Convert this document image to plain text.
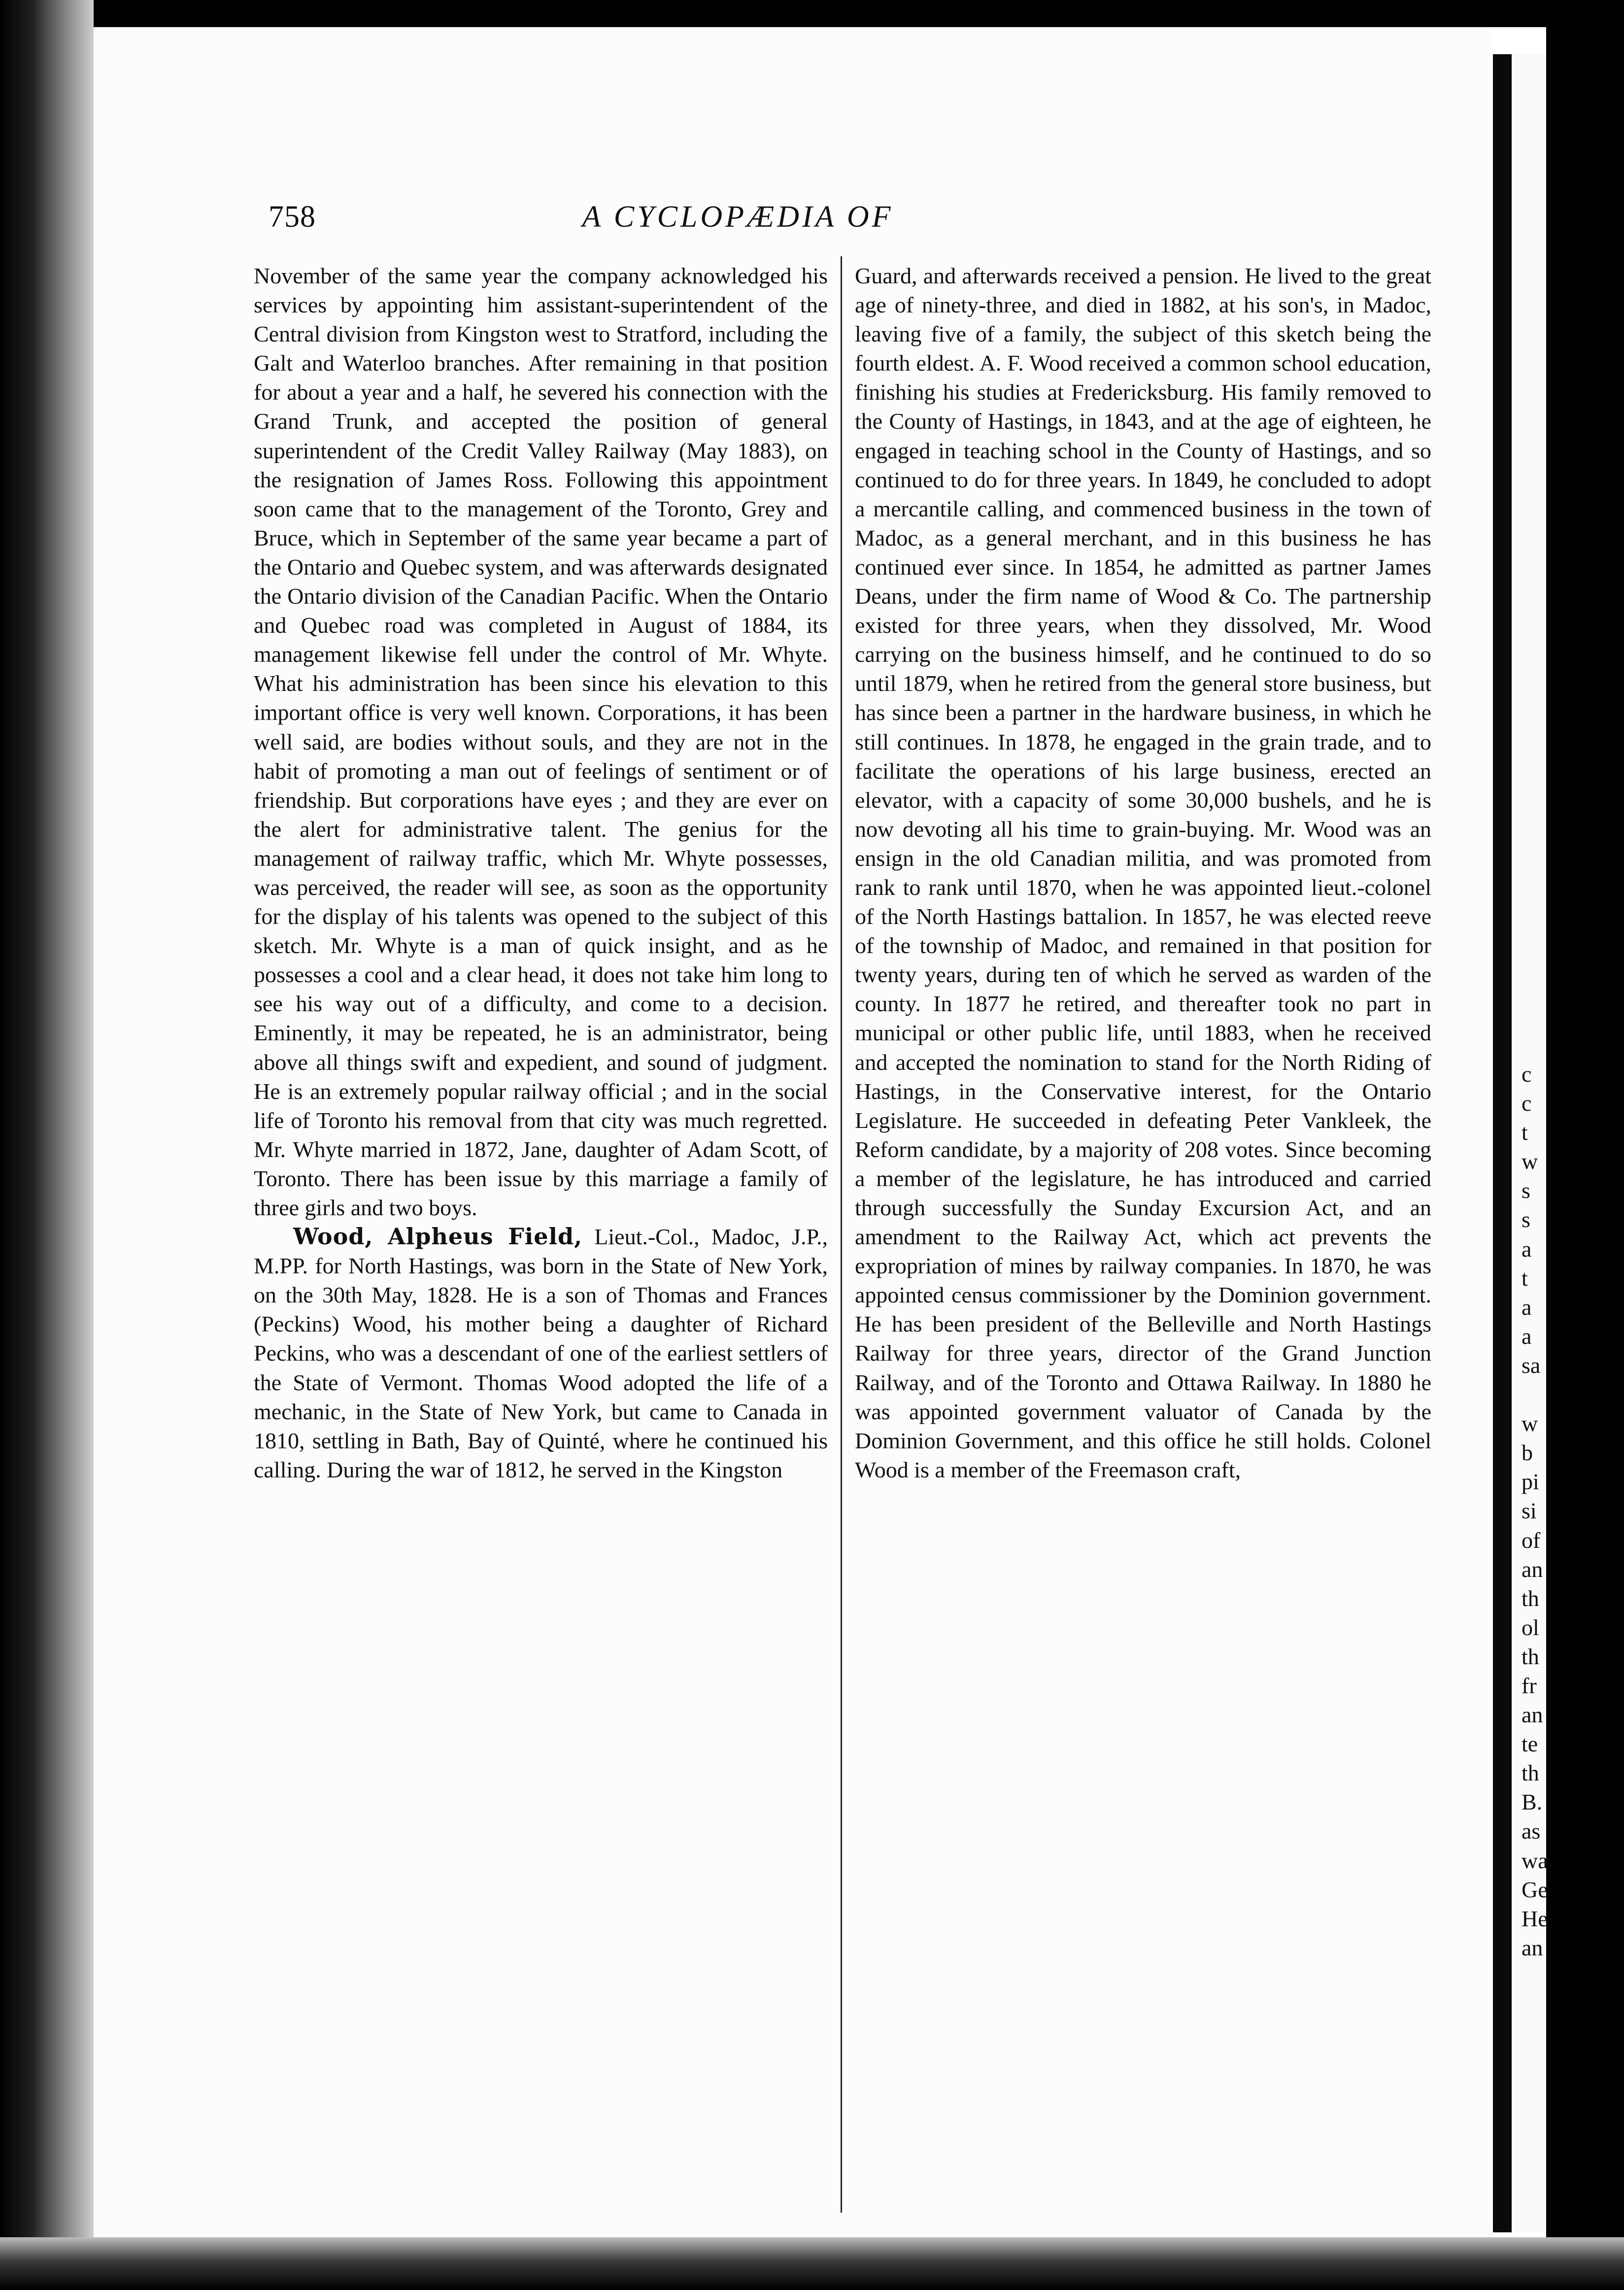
758	A CYCLOPÆDIA OF

November of the same year the company acknowledged his services by appointing him assistant-superintendent of the Central division from Kingston west to Stratford, including the Galt and Waterloo branches. After remaining in that position for about a year and a half, he severed his connection with the Grand Trunk, and accepted the position of general superintendent of the Credit Valley Railway (May 1883), on the resignation of James Ross. Following this appointment soon came that to the management of the Toronto, Grey and Bruce, which in September of the same year became a part of the Ontario and Quebec system, and was afterwards designated the Ontario division of the Canadian Pacific. When the Ontario and Quebec road was completed in August of 1884, its management likewise fell under the control of Mr. Whyte. What his administration has been since his elevation to this important office is very well known. Corporations, it has been well said, are bodies without souls, and they are not in the habit of promoting a man out of feelings of sentiment or of friendship. But corporations have eyes ; and they are ever on the alert for administrative talent. The genius for the management of railway traffic, which Mr. Whyte possesses, was perceived, the reader will see, as soon as the opportunity for the display of his talents was opened to the subject of this sketch. Mr. Whyte is a man of quick insight, and as he possesses a cool and a clear head, it does not take him long to see his way out of a difficulty, and come to a decision. Eminently, it may be repeated, he is an administrator, being above all things swift and expedient, and sound of judgment. He is an extremely popular railway official ; and in the social life of Toronto his removal from that city was much regretted. Mr. Whyte married in 1872, Jane, daughter of Adam Scott, of Toronto. There has been issue by this marriage a family of three girls and two boys.

Wood, Alpheus Field, Lieut.-Col., Madoc, J.P., M.PP. for North Hastings, was born in the State of New York, on the 30th May, 1828. He is a son of Thomas and Frances (Peckins) Wood, his mother being a daughter of Richard Peckins, who was a descendant of one of the earliest settlers of the State of Vermont. Thomas Wood adopted the life of a mechanic, in the State of New York, but came to Canada in 1810, settling in Bath, Bay of Quinté, where he continued his calling. During the war of 1812, he served in the Kingston

Guard, and afterwards received a pension. He lived to the great age of ninety-three, and died in 1882, at his son's, in Madoc, leaving five of a family, the subject of this sketch being the fourth eldest. A. F. Wood received a common school education, finishing his studies at Fredericksburg. His family removed to the County of Hastings, in 1843, and at the age of eighteen, he engaged in teaching school in the County of Hastings, and so continued to do for three years. In 1849, he concluded to adopt a mercantile calling, and commenced business in the town of Madoc, as a general merchant, and in this business he has continued ever since. In 1854, he admitted as partner James Deans, under the firm name of Wood & Co. The partnership existed for three years, when they dissolved, Mr. Wood carrying on the business himself, and he continued to do so until 1879, when he retired from the general store business, but has since been a partner in the hardware business, in which he still continues. In 1878, he engaged in the grain trade, and to facilitate the operations of his large business, erected an elevator, with a capacity of some 30,000 bushels, and he is now devoting all his time to grain-buying. Mr. Wood was an ensign in the old Canadian militia, and was promoted from rank to rank until 1870, when he was appointed lieut.-colonel of the North Hastings battalion. In 1857, he was elected reeve of the township of Madoc, and remained in that position for twenty years, during ten of which he served as warden of the county. In 1877 he retired, and thereafter took no part in municipal or other public life, until 1883, when he received and accepted the nomination to stand for the North Riding of Hastings, in the Conservative interest, for the Ontario Legislature. He succeeded in defeating Peter Vankleek, the Reform candidate, by a majority of 208 votes. Since becoming a member of the legislature, he has introduced and carried through successfully the Sunday Excursion Act, and an amendment to the Railway Act, which act prevents the expropriation of mines by railway companies. In 1870, he was appointed census commissioner by the Dominion government. He has been president of the Belleville and North Hastings Railway for three years, director of the Grand Junction Railway, and of the Toronto and Ottawa Railway. In 1880 he was appointed government valuator of Canada by the Dominion Government, and this office he still holds. Colonel Wood is a member of the Freemason craft,

c
c
t
w
s
s
a
t
a
a
sa
w
b
pi
si
of
an
th
ol
th
fr
an
te
th
B.
as
wa
Ge
He
an
